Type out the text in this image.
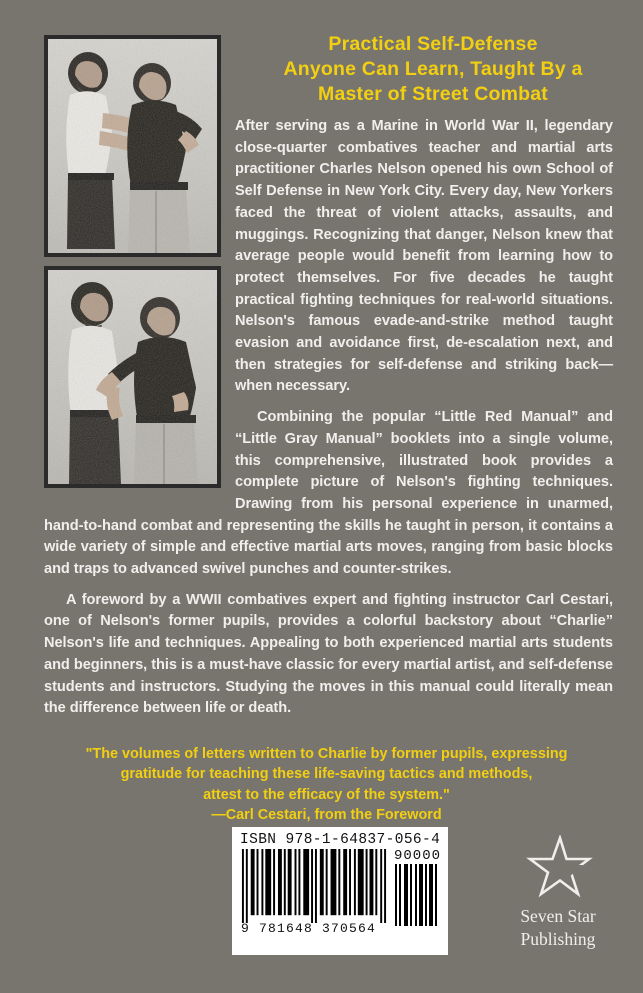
Practical Self-Defense
Anyone Can Learn, Taught By a
Master of Street Combat

After serving as a Marine in World War II, legendary close-quarter combatives teacher and martial arts practitioner Charles Nelson opened his own School of Self Defense in New York City. Every day, New Yorkers faced the threat of violent attacks, assaults, and muggings. Recognizing that danger, Nelson knew that average people would benefit from learning how to protect themselves. For five decades he taught practical fighting techniques for real-world situations. Nelson's famous evade-and-strike method taught evasion and avoidance first, de-escalation next, and then strategies for self-defense and striking back—when necessary.

Combining the popular “Little Red Manual” and “Little Gray Manual” booklets into a single volume, this comprehensive, illustrated book provides a complete picture of Nelson's fighting techniques. Drawing from his personal experience in unarmed, hand-to-hand combat and representing the skills he taught in person, it contains a wide variety of simple and effective martial arts moves, ranging from basic blocks and traps to advanced swivel punches and counter-strikes.

A foreword by a WWII combatives expert and fighting instructor Carl Cestari, one of Nelson's former pupils, provides a colorful backstory about “Charlie” Nelson's life and techniques. Appealing to both experienced martial arts students and beginners, this is a must-have classic for every martial artist, and self-defense students and instructors. Studying the moves in this manual could literally mean the difference between life or death.

"The volumes of letters written to Charlie by former pupils, expressing
gratitude for teaching these life-saving tactics and methods,
attest to the efficacy of the system."
—Carl Cestari, from the Foreword
ISBN 978-1-64837-056-4
9 781648 370564
90000
Seven Star
Publishing
